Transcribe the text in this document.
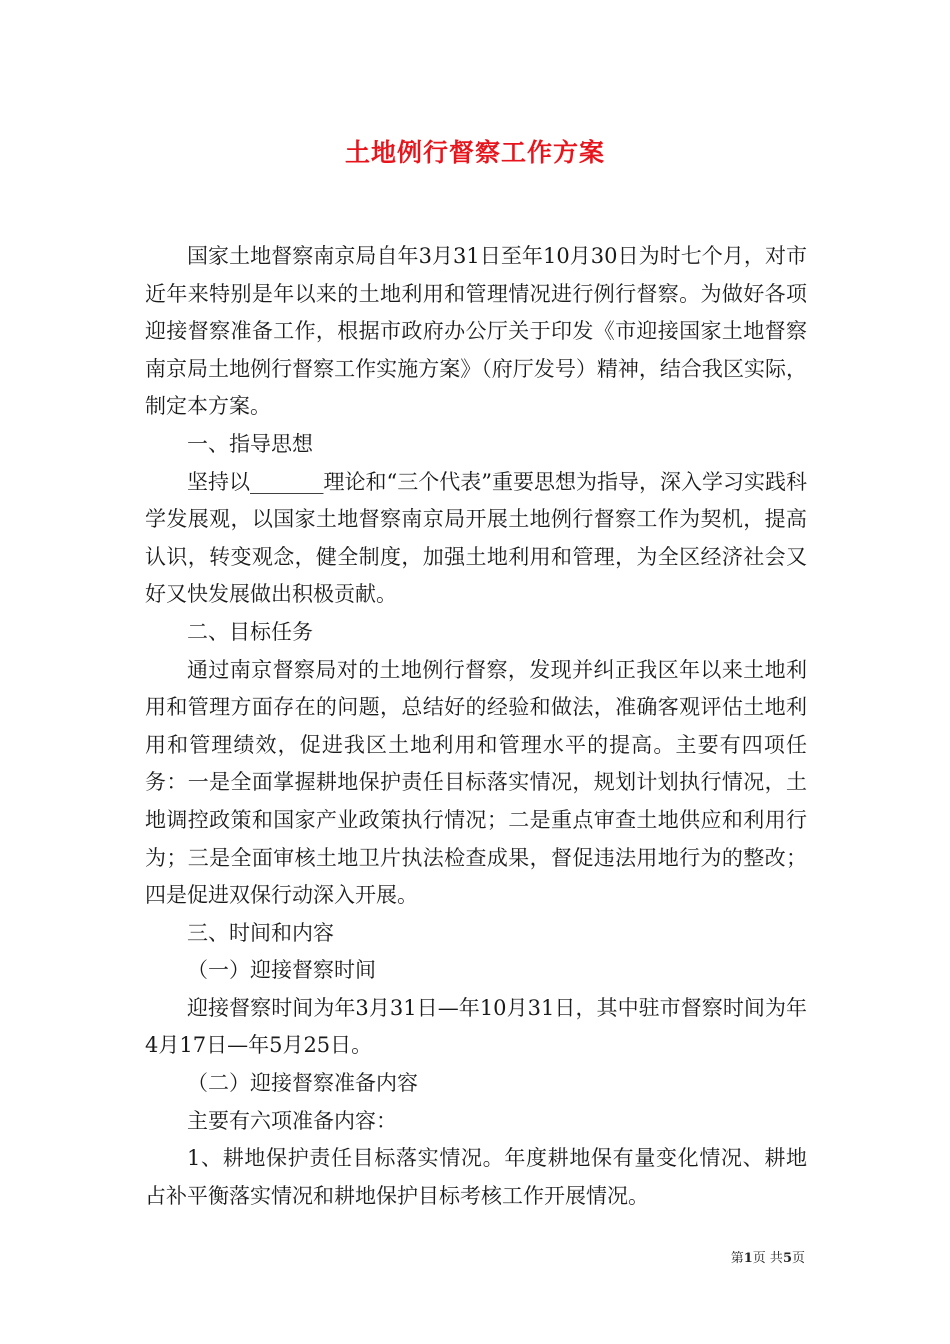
土地例行督察工作方案

国家土地督察南京局自年3月31日至年10月30日为时七个月，对市近年来特别是年以来的土地利用和管理情况进行例行督察。为做好各项迎接督察准备工作，根据市政府办公厅关于印发《市迎接国家土地督察南京局土地例行督察工作实施方案》（府厅发号）精神，结合我区实际，制定本方案。

一、指导思想

坚持以_______理论和“三个代表”重要思想为指导，深入学习实践科学发展观，以国家土地督察南京局开展土地例行督察工作为契机，提高认识，转变观念，健全制度，加强土地利用和管理，为全区经济社会又好又快发展做出积极贡献。

二、目标任务

通过南京督察局对的土地例行督察，发现并纠正我区年以来土地利用和管理方面存在的问题，总结好的经验和做法，准确客观评估土地利用和管理绩效，促进我区土地利用和管理水平的提高。主要有四项任务：一是全面掌握耕地保护责任目标落实情况，规划计划执行情况，土地调控政策和国家产业政策执行情况；二是重点审查土地供应和利用行为；三是全面审核土地卫片执法检查成果，督促违法用地行为的整改；四是促进双保行动深入开展。

三、时间和内容

（一）迎接督察时间

迎接督察时间为年3月31日—年10月31日，其中驻市督察时间为年4月17日—年5月25日。

（二）迎接督察准备内容

主要有六项准备内容：

1、耕地保护责任目标落实情况。年度耕地保有量变化情况、耕地占补平衡落实情况和耕地保护目标考核工作开展情况。

第1页 共5页
